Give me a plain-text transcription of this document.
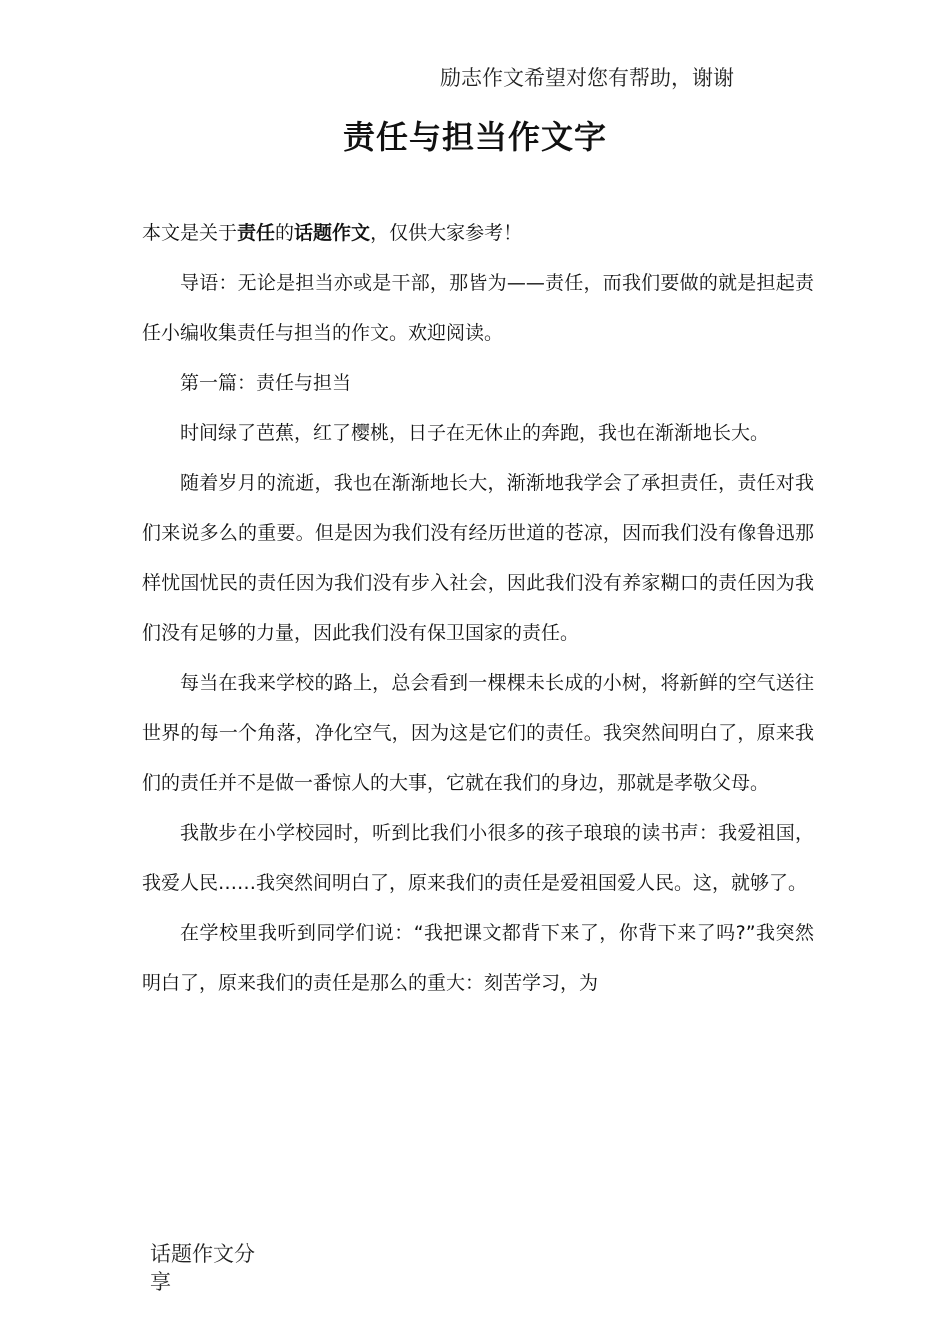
励志作文希望对您有帮助，谢谢
责任与担当作文字

本文是关于责任的话题作文，仅供大家参考！

导语：无论是担当亦或是干部，那皆为——责任，而我们要做的就是担起责任小编收集责任与担当的作文。欢迎阅读。

第一篇：责任与担当

时间绿了芭蕉，红了樱桃，日子在无休止的奔跑，我也在渐渐地长大。

随着岁月的流逝，我也在渐渐地长大，渐渐地我学会了承担责任，责任对我们来说多么的重要。但是因为我们没有经历世道的苍凉，因而我们没有像鲁迅那样忧国忧民的责任因为我们没有步入社会，因此我们没有养家糊口的责任因为我们没有足够的力量，因此我们没有保卫国家的责任。

每当在我来学校的路上，总会看到一棵棵未长成的小树，将新鲜的空气送往世界的每一个角落，净化空气，因为这是它们的责任。我突然间明白了，原来我们的责任并不是做一番惊人的大事，它就在我们的身边，那就是孝敬父母。

我散步在小学校园时，听到比我们小很多的孩子琅琅的读书声：我爱祖国，我爱人民……我突然间明白了，原来我们的责任是爱祖国爱人民。这，就够了。

在学校里我听到同学们说：“我把课文都背下来了，你背下来了吗?”我突然明白了，原来我们的责任是那么的重大：刻苦学习，为

话题作文分享
